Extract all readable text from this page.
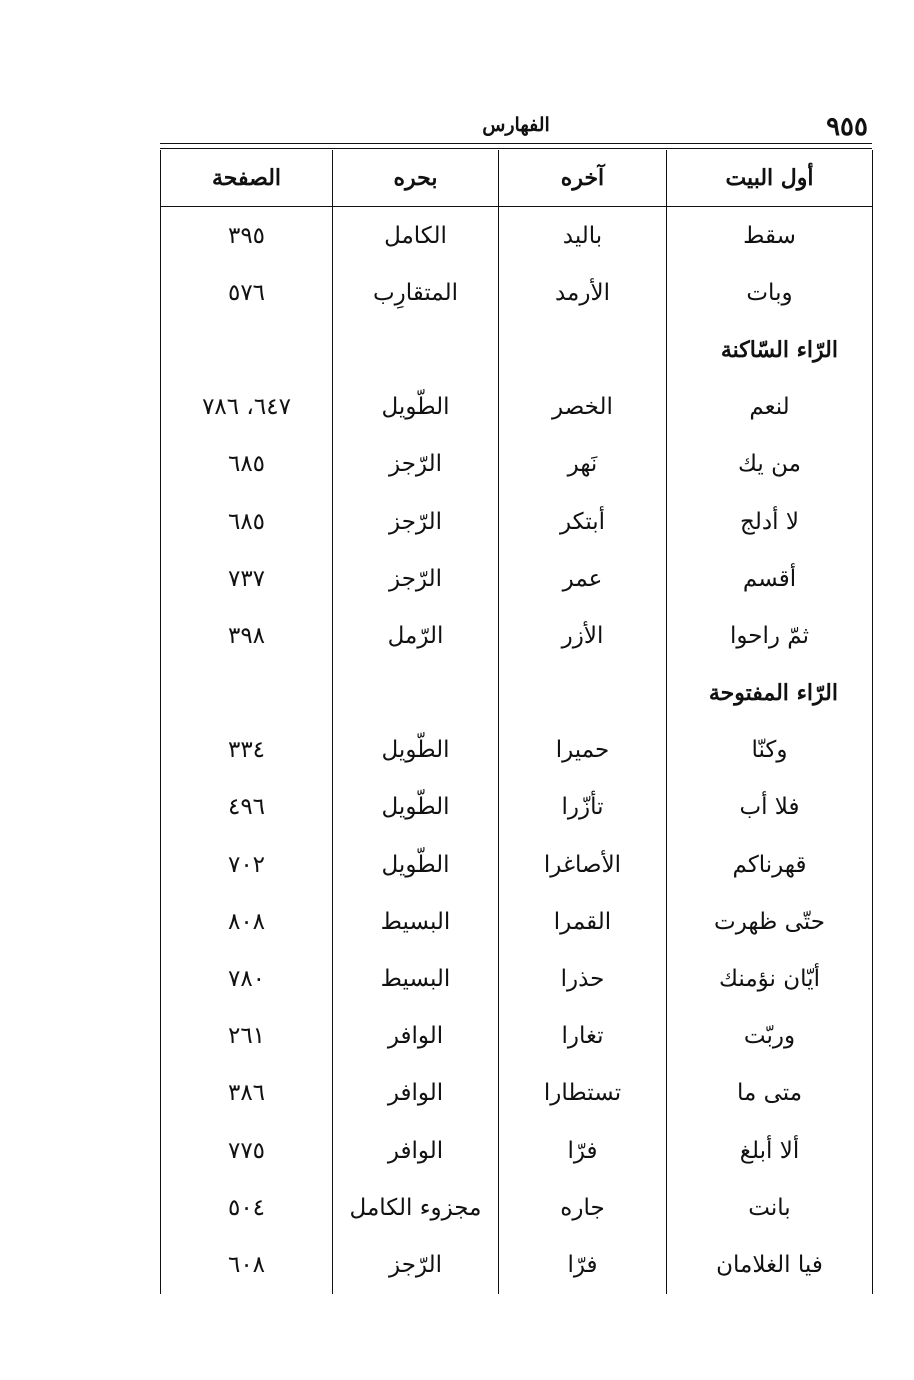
٩٥٥
الفهارس
أول البيت	آخره	بحره	الصفحة
سقط	باليد	الكامل	٣٩٥
وبات	الأرمد	المتقارِب	٥٧٦
الرّاء السّاكنة			
لنعم	الخصر	الطّويل	٦٤٧، ٧٨٦
من يك	نَهر	الرّجز	٦٨٥
لا أدلج	أبتكر	الرّجز	٦٨٥
أقسم	عمر	الرّجز	٧٣٧
ثمّ راحوا	الأزر	الرّمل	٣٩٨
الرّاء المفتوحة			
وكنّا	حميرا	الطّويل	٣٣٤
فلا أب	تأزّرا	الطّويل	٤٩٦
قهرناكم	الأصاغرا	الطّويل	٧٠٢
حتّى ظهرت	القمرا	البسيط	٨٠٨
أيّان نؤمنك	حذرا	البسيط	٧٨٠
وربّت	تغارا	الوافر	٢٦١
متى ما	تستطارا	الوافر	٣٨٦
ألا أبلغ	فرّا	الوافر	٧٧٥
بانت	جاره	مجزوء الكامل	٥٠٤
فيا الغلامان	فرّا	الرّجز	٦٠٨
